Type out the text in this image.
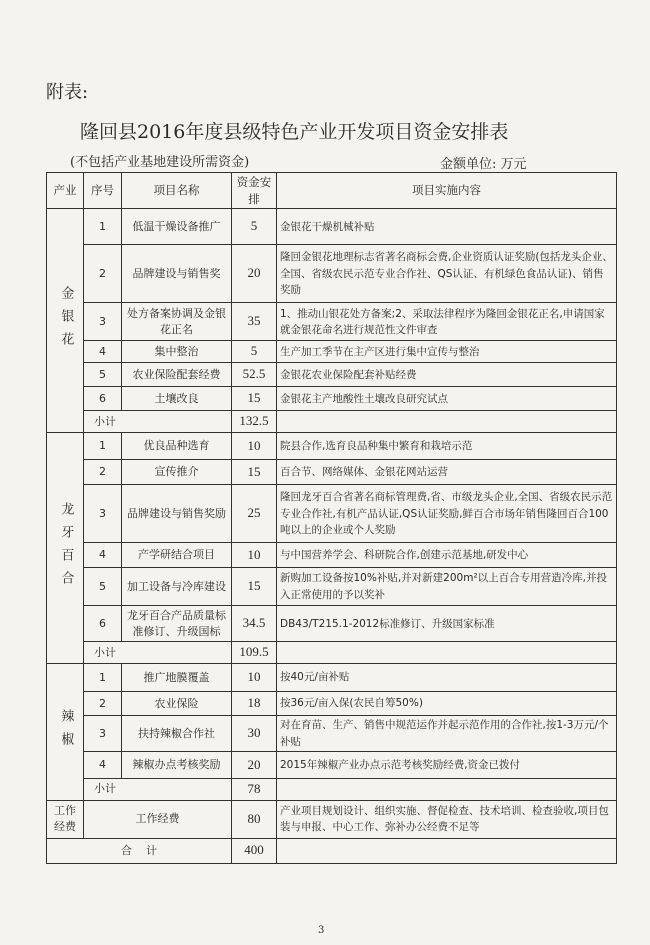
附表:
隆回县2016年度县级特色产业开发项目资金安排表
(不包括产业基地建设所需资金)	金额单位: 万元
产业	序号	项目名称	资金安排	项目实施内容

金银花	1	低温干燥设备推广	5	金银花干燥机械补贴
	2	品牌建设与销售奖	20	隆回金银花地理标志省著名商标会费,企业资质认证奖励(包括龙头企业、全国、省级农民示范专业合作社、QS认证、有机绿色食品认证)、销售奖励
	3	处方备案协调及金银花正名	35	1、推动山银花处方备案;2、采取法律程序为隆回金银花正名,申请国家就金银花命名进行规范性文件审查
	4	集中整治	5	生产加工季节在主产区进行集中宣传与整治
	5	农业保险配套经费	52.5	金银花农业保险配套补贴经费
	6	土壤改良	15	金银花主产地酸性土壤改良研究试点
	小计		132.5	

龙牙百合	1	优良品种选育	10	院县合作,选育良品种集中繁育和栽培示范
	2	宣传推介	15	百合节、网络媒体、金银花网站运营
	3	品牌建设与销售奖励	25	隆回龙牙百合省著名商标管理费,省、市级龙头企业,全国、省级农民示范专业合作社,有机产品认证,QS认证奖励,鲜百合市场年销售隆回百合100吨以上的企业或个人奖励
	4	产学研结合项目	10	与中国营养学会、科研院合作,创建示范基地,研发中心
	5	加工设备与冷库建设	15	新购加工设备按10%补贴,并对新建200m²以上百合专用营造冷库,并投入正常使用的予以奖补
	6	龙牙百合产品质量标准修订、升级国标	34.5	DB43/T215.1-2012标准修订、升级国家标准
	小计		109.5	

辣椒	1	推广地膜覆盖	10	按40元/亩补贴
	2	农业保险	18	按36元/亩入保(农民自筹50%)
	3	扶持辣椒合作社	30	对在育苗、生产、销售中规范运作并起示范作用的合作社,按1-3万元/个补贴
	4	辣椒办点考核奖励	20	2015年辣椒产业办点示范考核奖励经费,资金已拨付
	小计		78	
工作经费	工作经费		80	产业项目规划设计、组织实施、督促检查、技术培训、检查验收,项目包装与申报、中心工作、弥补办公经费不足等
合    计			400	
3
